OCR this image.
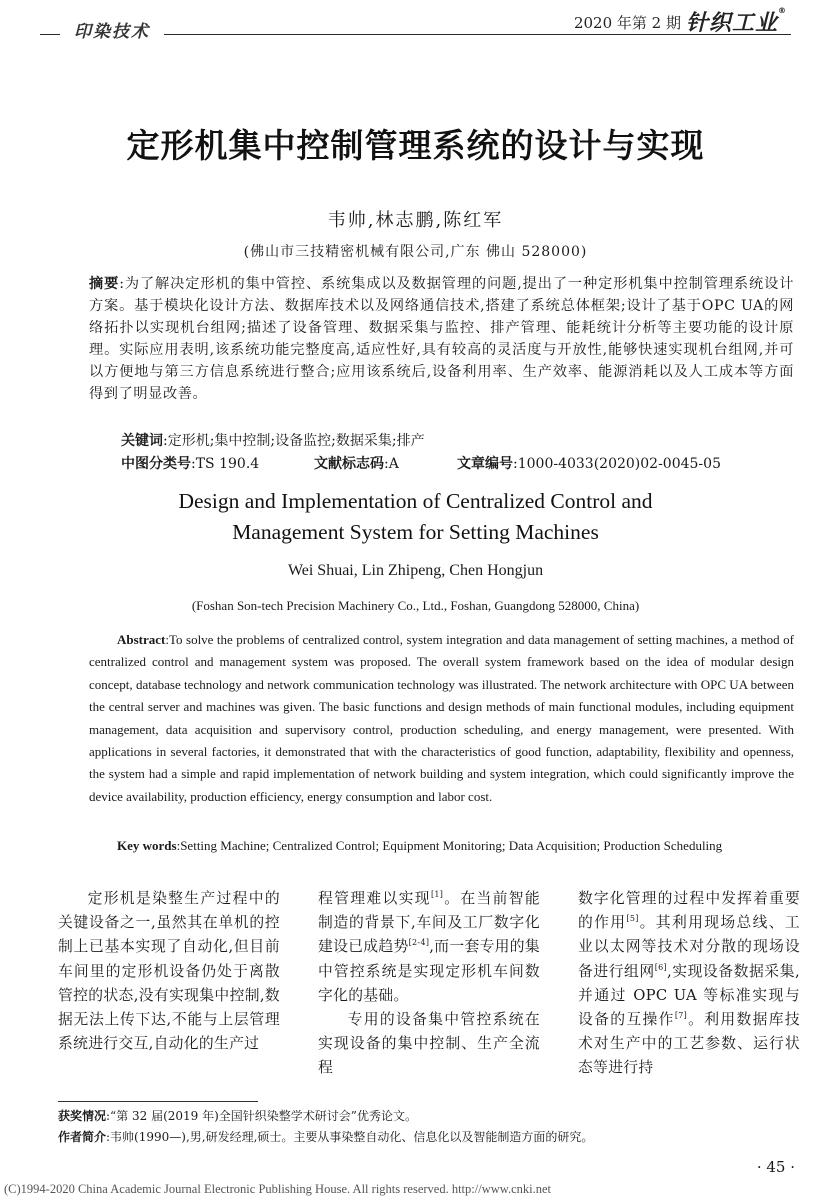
印染技术	2020 年第 2 期 针织工业®
定形机集中控制管理系统的设计与实现
韦帅,林志鹏,陈红军
(佛山市三技精密机械有限公司,广东 佛山 528000)
摘要:为了解决定形机的集中管控、系统集成以及数据管理的问题,提出了一种定形机集中控制管理系统设计方案。基于模块化设计方法、数据库技术以及网络通信技术,搭建了系统总体框架;设计了基于OPC UA的网络拓扑以实现机台组网;描述了设备管理、数据采集与监控、排产管理、能耗统计分析等主要功能的设计原理。实际应用表明,该系统功能完整度高,适应性好,具有较高的灵活度与开放性,能够快速实现机台组网,并可以方便地与第三方信息系统进行整合;应用该系统后,设备利用率、生产效率、能源消耗以及人工成本等方面得到了明显改善。
关键词:定形机;集中控制;设备监控;数据采集;排产
中图分类号:TS 190.4	文献标志码:A	文章编号:1000-4033(2020)02-0045-05
Design and Implementation of Centralized Control and
Management System for Setting Machines
Wei Shuai, Lin Zhipeng, Chen Hongjun
(Foshan Son-tech Precision Machinery Co., Ltd., Foshan, Guangdong 528000, China)
Abstract:To solve the problems of centralized control, system integration and data management of setting machines, a method of centralized control and management system was proposed. The overall system framework based on the idea of modular design concept, database technology and network communication technology was illustrated. The network architecture with OPC UA between the central server and machines was given. The basic functions and design methods of main functional modules, including equipment management, data acquisition and supervisory control, production scheduling, and energy management, were presented. With applications in several factories, it demonstrated that with the characteristics of good function, adaptability, flexibility and openness, the system had a simple and rapid implementation of network building and system integration, which could significantly improve the device availability, production efficiency, energy consumption and labor cost.
Key words:Setting Machine; Centralized Control; Equipment Monitoring; Data Acquisition; Production Scheduling

定形机是染整生产过程中的关键设备之一,虽然其在单机的控制上已基本实现了自动化,但目前车间里的定形机设备仍处于离散管控的状态,没有实现集中控制,数据无法上传下达,不能与上层管理系统进行交互,自动化的生产过

程管理难以实现[1]。在当前智能制造的背景下,车间及工厂数字化建设已成趋势[2-4],而一套专用的集中管控系统是实现定形机车间数字化的基础。

专用的设备集中管控系统在实现设备的集中控制、生产全流程

数字化管理的过程中发挥着重要的作用[5]。其利用现场总线、工业以太网等技术对分散的现场设备进行组网[6],实现设备数据采集,并通过 OPC UA 等标准实现与设备的互操作[7]。利用数据库技术对生产中的工艺参数、运行状态等进行持

获奖情况:“第 32 届(2019 年)全国针织染整学术研讨会”优秀论文。
作者简介:韦帅(1990—),男,研发经理,硕士。主要从事染整自动化、信息化以及智能制造方面的研究。
· 45 ·
(C)1994-2020 China Academic Journal Electronic Publishing House. All rights reserved. http://www.cnki.net
